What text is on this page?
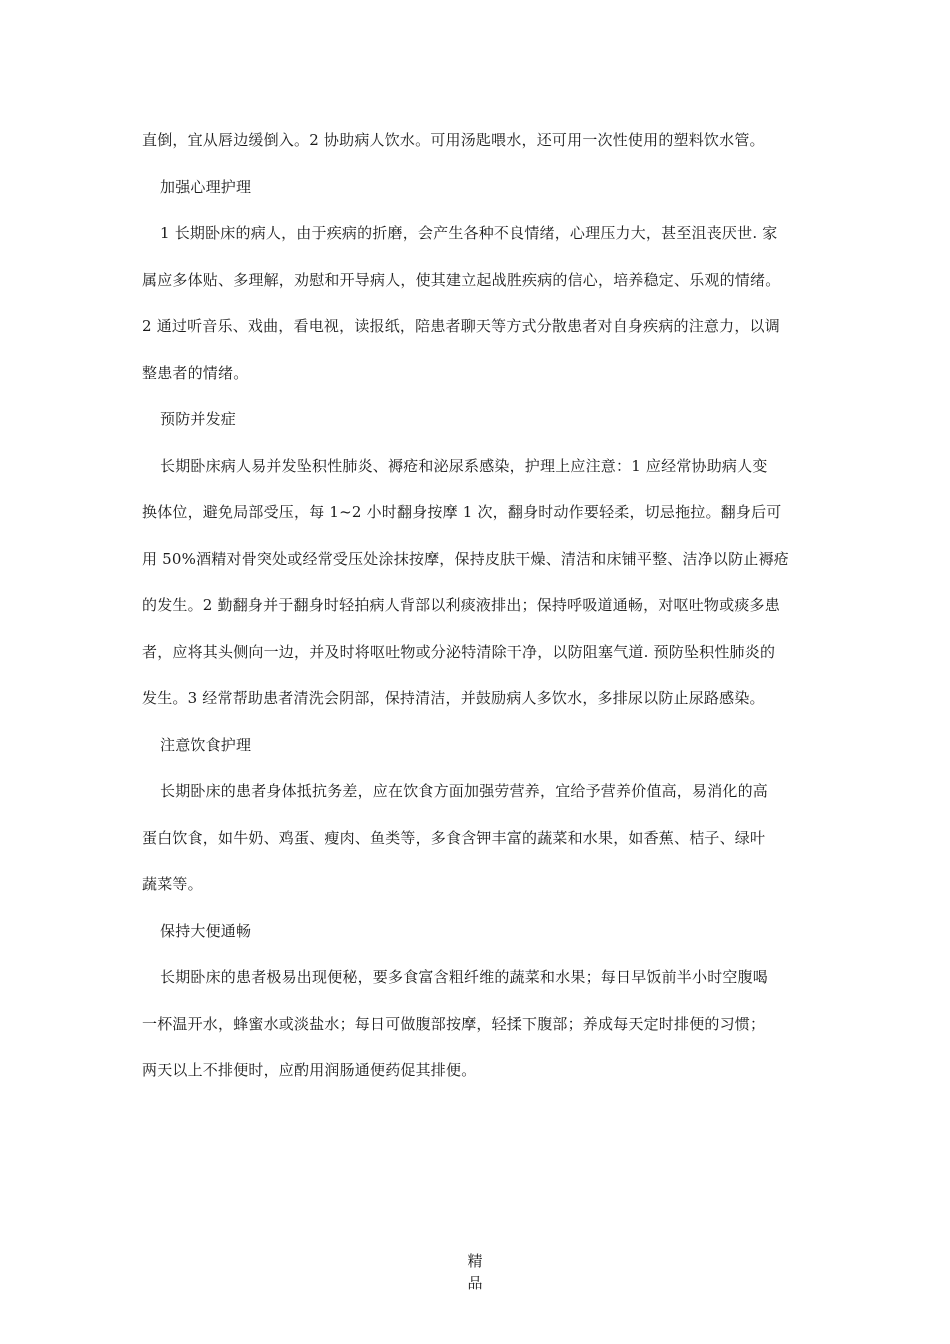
直倒，宜从唇边缓倒入。2 协助病人饮水。可用汤匙喂水，还可用一次性使用的塑料饮水管。
加强心理护理
1 长期卧床的病人，由于疾病的折磨，会产生各种不良情绪，心理压力大，甚至沮丧厌世. 家
属应多体贴、多理解，劝慰和开导病人，使其建立起战胜疾病的信心，培养稳定、乐观的情绪。
2 通过听音乐、戏曲，看电视，读报纸，陪患者聊天等方式分散患者对自身疾病的注意力，以调
整患者的情绪。
预防并发症
长期卧床病人易并发坠积性肺炎、褥疮和泌尿系感染，护理上应注意：1 应经常协助病人变
换体位，避免局部受压，每 1~2 小时翻身按摩 1 次，翻身时动作要轻柔，切忌拖拉。翻身后可
用 50%酒精对骨突处或经常受压处涂抹按摩，保持皮肤干燥、清洁和床铺平整、洁净以防止褥疮
的发生。2 勤翻身并于翻身时轻拍病人背部以利痰液排出；保持呼吸道通畅，对呕吐物或痰多患
者，应将其头侧向一边，并及时将呕吐物或分泌特清除干净，以防阻塞气道. 预防坠积性肺炎的
发生。3 经常帮助患者清洗会阴部，保持清洁，并鼓励病人多饮水，多排尿以防止尿路感染。
注意饮食护理
长期卧床的患者身体抵抗务差，应在饮食方面加强劳营养，宜给予营养价值高，易消化的高
蛋白饮食，如牛奶、鸡蛋、瘦肉、鱼类等，多食含钾丰富的蔬菜和水果，如香蕉、桔子、绿叶
蔬菜等。
保持大便通畅
长期卧床的患者极易出现便秘，要多食富含粗纤维的蔬菜和水果；每日早饭前半小时空腹喝
一杯温开水，蜂蜜水或淡盐水；每日可做腹部按摩，轻揉下腹部；养成每天定时排便的习惯；
两天以上不排便时，应酌用润肠通便药促其排便。
精
品
